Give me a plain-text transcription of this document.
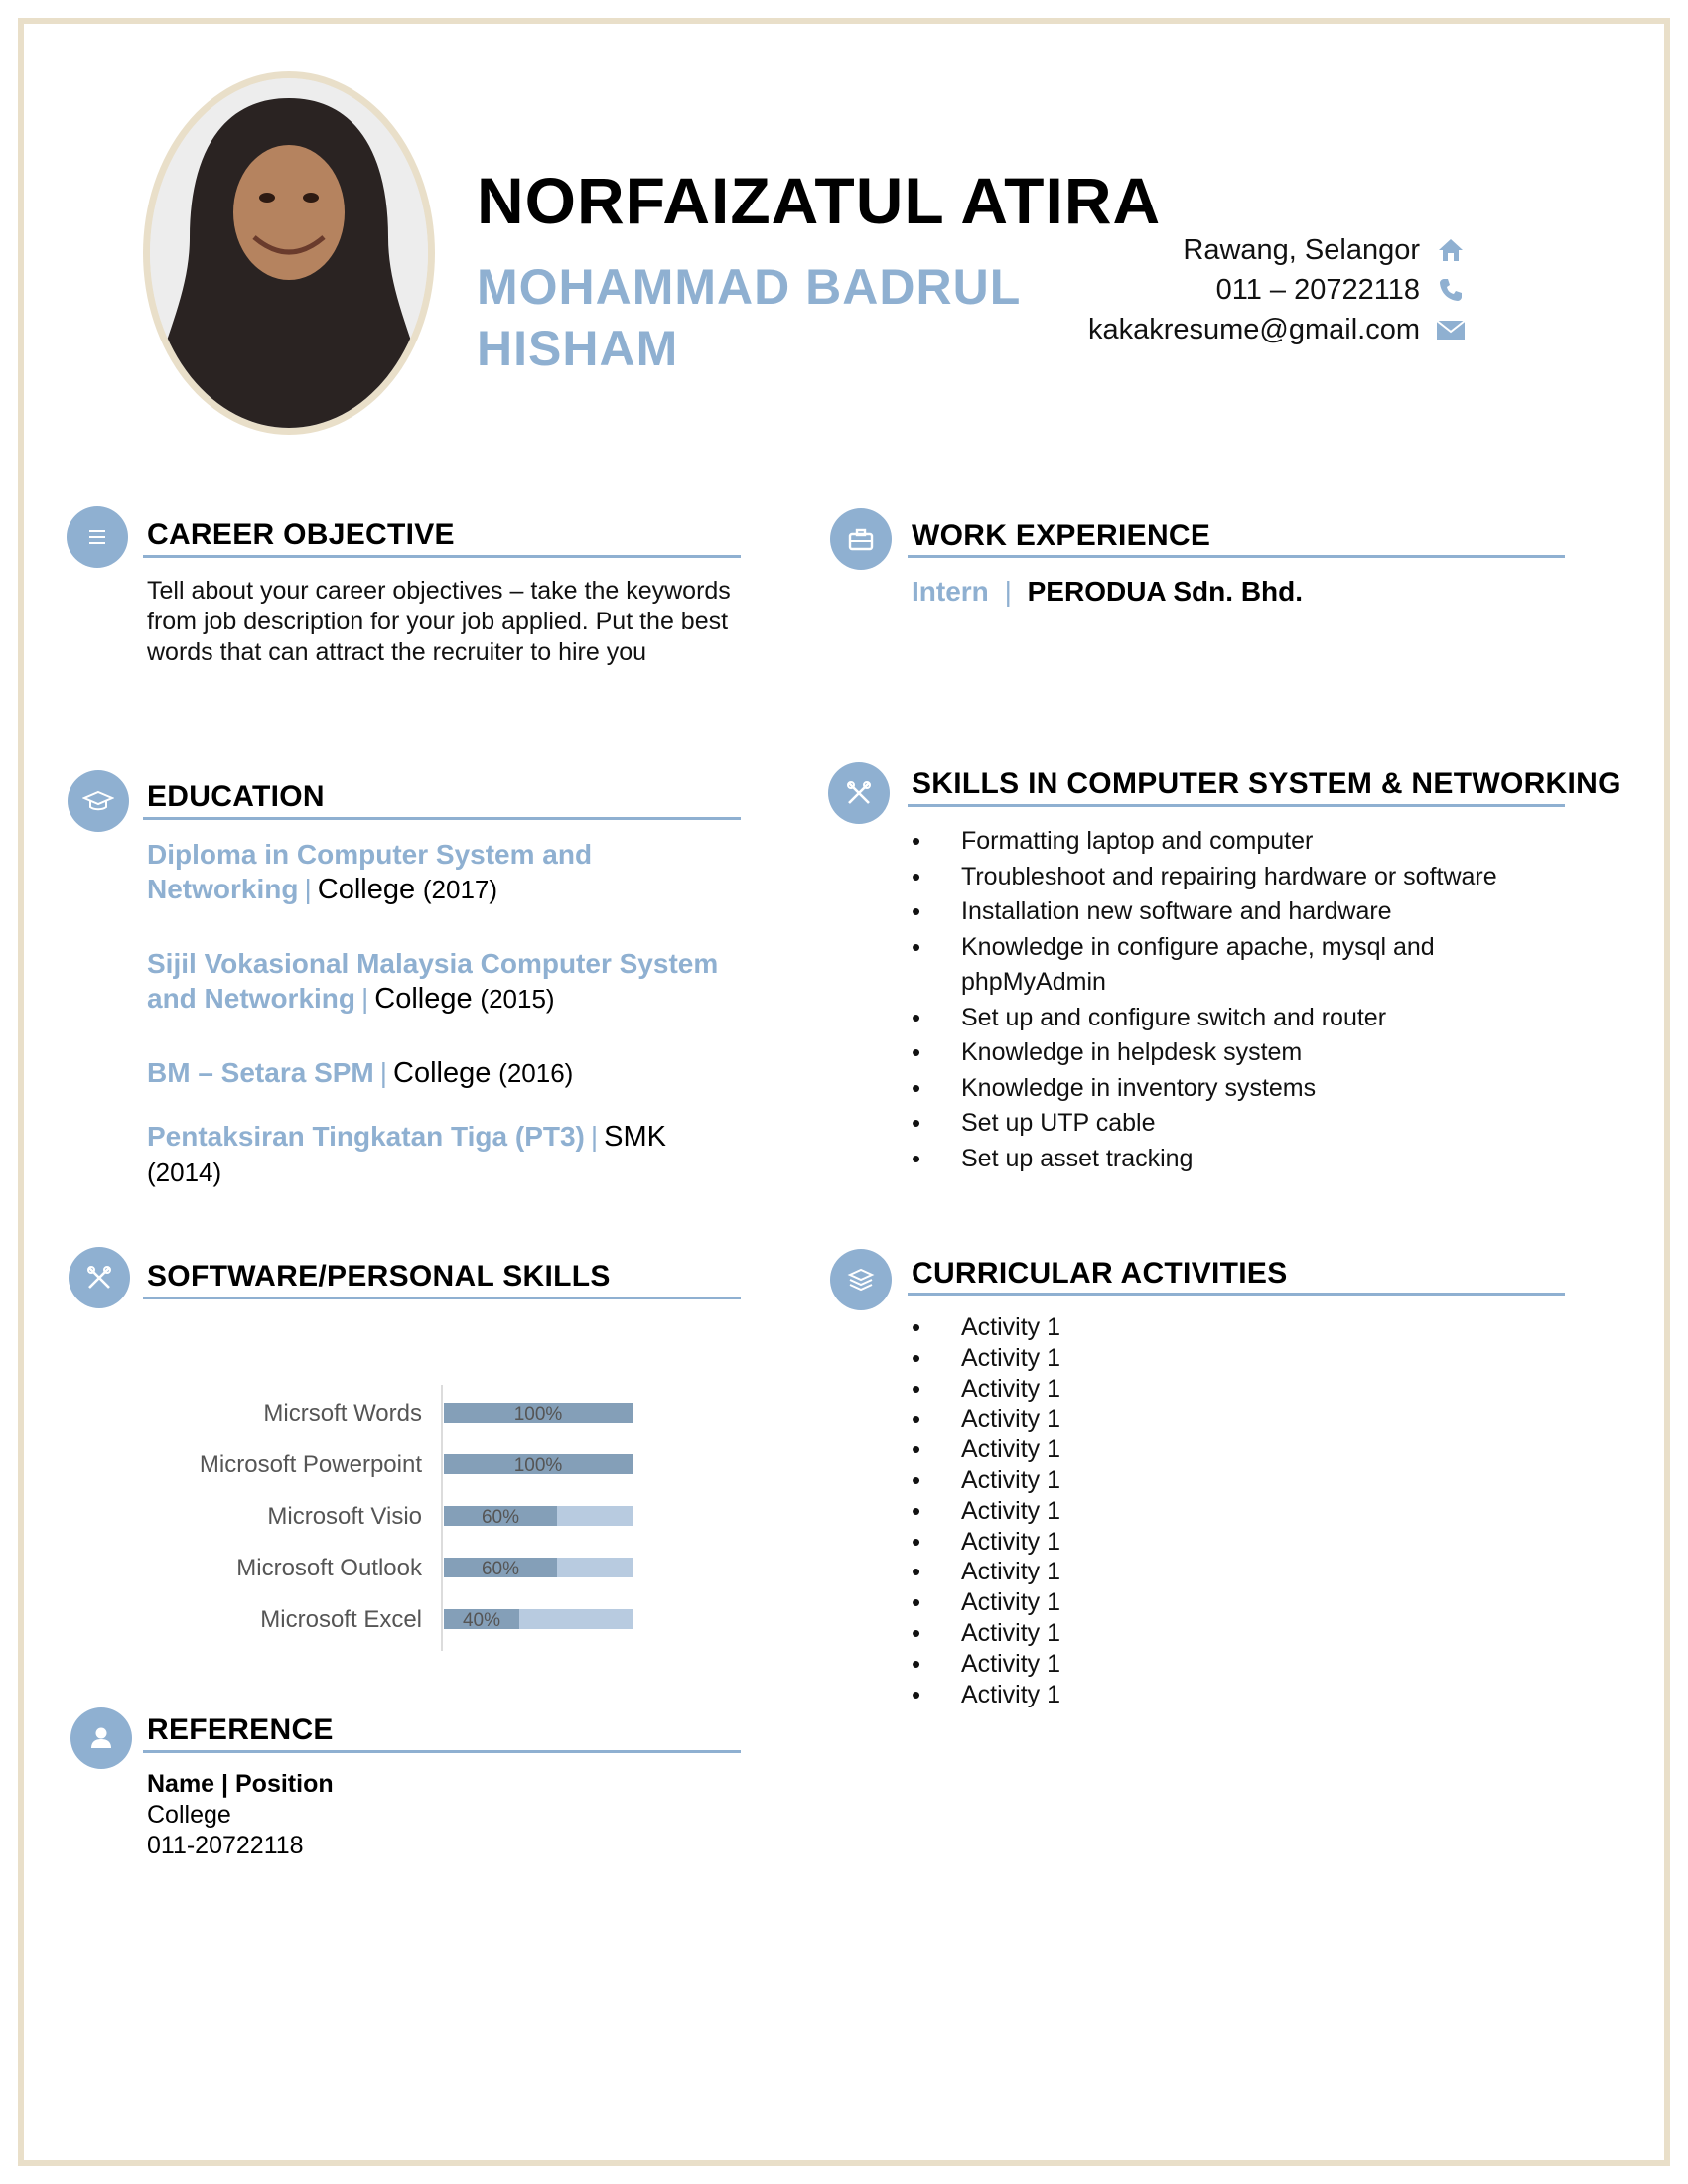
NORFAIZATUL ATIRA
MOHAMMAD BADRUL HISHAM
Rawang, Selangor
011 – 20722118
kakakresume@gmail.com
CAREER OBJECTIVE
Tell about your career objectives – take the keywords from job description for your job applied. Put the best words that can attract the recruiter to hire you
WORK EXPERIENCE
Intern | PERODUA Sdn. Bhd.
EDUCATION
Diploma in Computer System and Networking | College (2017)
Sijil Vokasional Malaysia Computer System and Networking | College (2015)
BM – Setara SPM | College (2016)
Pentaksiran Tingkatan Tiga (PT3) | SMK (2014)
SKILLS IN COMPUTER SYSTEM & NETWORKING
• Formatting laptop and computer
• Troubleshoot and repairing hardware or software
• Installation new software and hardware
• Knowledge in configure apache, mysql and phpMyAdmin
• Set up and configure switch and router
• Knowledge in helpdesk system
• Knowledge in inventory systems
• Set up UTP cable
• Set up asset tracking
SOFTWARE/PERSONAL SKILLS
Micrsoft Words	100%
Microsoft Powerpoint	100%
Microsoft Visio	60%
Microsoft Outlook	60%
Microsoft Excel 40%
CURRICULAR ACTIVITIES
• Activity 1
• Activity 1
• Activity 1
• Activity 1
• Activity 1
• Activity 1
• Activity 1
• Activity 1
• Activity 1
• Activity 1
• Activity 1
• Activity 1
• Activity 1
REFERENCE
Name | Position
College
011-20722118
